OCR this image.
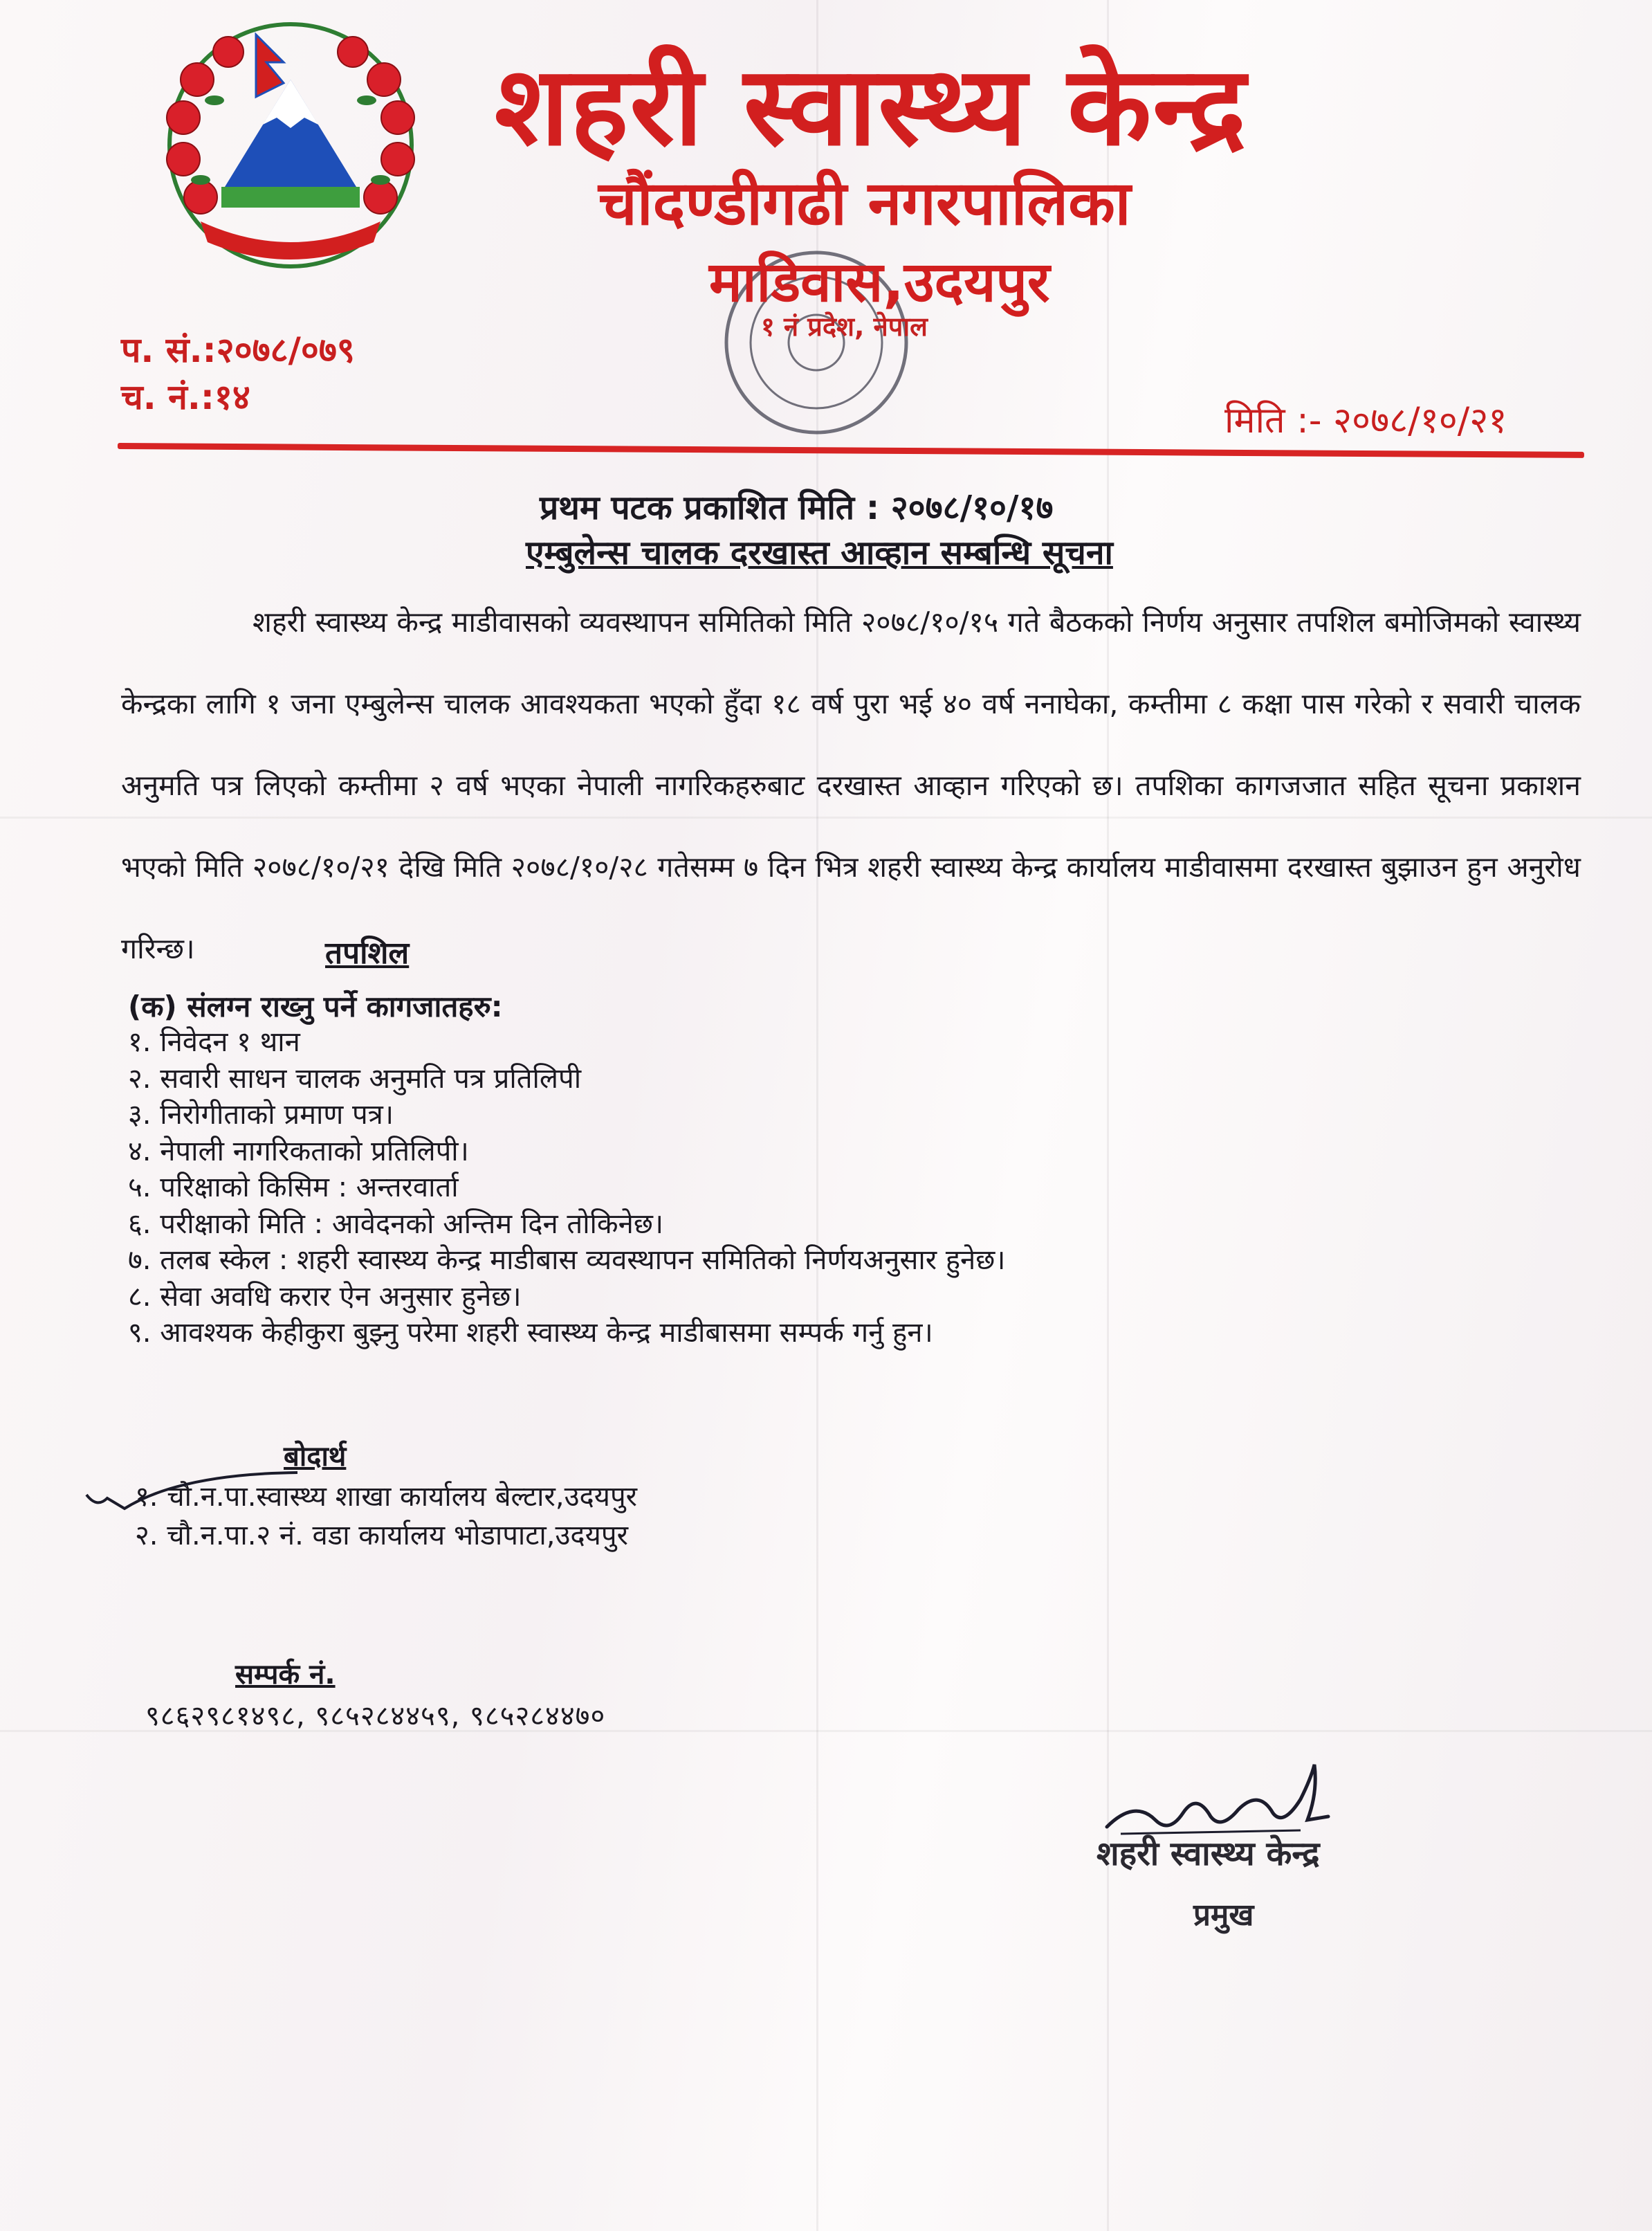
शहरी स्वास्थ्य केन्द्र
चौंदण्डीगढी नगरपालिका
माडिवास,उदयपुर
१ नं प्रदेश, नेपाल
प. सं.:२०७८/०७९
च. नं.:१४
मिति :- २०७८/१०/२१
प्रथम पटक प्रकाशित मिति : २०७८/१०/१७
एम्बुलेन्स चालक दरखास्त आव्हान सम्बन्धि सूचना
शहरी स्वास्थ्य केन्द्र माडीवासको व्यवस्थापन समितिको मिति २०७८/१०/१५ गते बैठकको निर्णय अनुसार तपशिल बमोजिमको स्वास्थ्य केन्द्रका लागि १ जना एम्बुलेन्स चालक आवश्यकता भएको हुँदा १८ वर्ष पुरा भई ४० वर्ष ननाघेका, कम्तीमा ८ कक्षा पास गरेको र सवारी चालक अनुमति पत्र लिएको कम्तीमा २ वर्ष भएका नेपाली नागरिकहरुबाट दरखास्त आव्हान गरिएको छ। तपशिका कागजजात सहित सूचना प्रकाशन भएको मिति २०७८/१०/२१ देखि मिति २०७८/१०/२८ गतेसम्म ७ दिन भित्र शहरी स्वास्थ्य केन्द्र कार्यालय माडीवासमा दरखास्त बुझाउन हुन अनुरोध गरिन्छ।	तपशिल
(क) संलग्न राख्नु पर्ने कागजातहरु:
१. निवेदन १ थान
२. सवारी साधन चालक अनुमति पत्र प्रतिलिपी
३. निरोगीताको प्रमाण पत्र।
४. नेपाली नागरिकताको प्रतिलिपी।
५. परिक्षाको किसिम : अन्तरवार्ता
६. परीक्षाको मिति : आवेदनको अन्तिम दिन तोकिनेछ।
७. तलब स्केल : शहरी स्वास्थ्य केन्द्र माडीबास व्यवस्थापन समितिको निर्णयअनुसार हुनेछ।
८. सेवा अवधि करार ऐन अनुसार हुनेछ।
९. आवश्यक केहीकुरा बुझ्नु परेमा शहरी स्वास्थ्य केन्द्र माडीबासमा सम्पर्क गर्नु हुन।
बोदार्थ
१. चौ.न.पा.स्वास्थ्य शाखा कार्यालय बेल्टार,उदयपुर
२. चौ.न.पा.२ नं. वडा कार्यालय भोडापाटा,उदयपुर
सम्पर्क नं.
९८६२९८१४९८, ९८५२८४४५९, ९८५२८४४७०
शहरी स्वास्थ्य केन्द्र
प्रमुख
